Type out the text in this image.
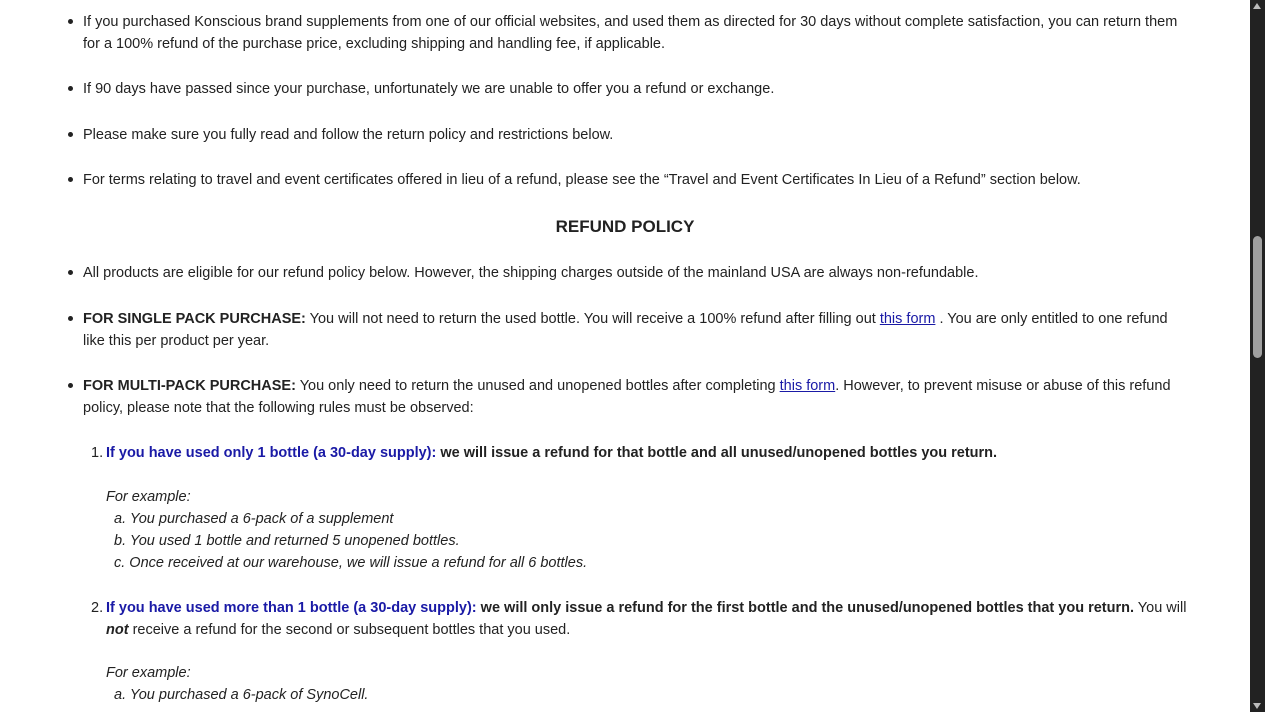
If you purchased Konscious brand supplements from one of our official websites, and used them as directed for 30 days without complete satisfaction, you can return them for a 100% refund of the purchase price, excluding shipping and handling fee, if applicable.

If 90 days have passed since your purchase, unfortunately we are unable to offer you a refund or exchange.

Please make sure you fully read and follow the return policy and restrictions below.

For terms relating to travel and event certificates offered in lieu of a refund, please see the “Travel and Event Certificates In Lieu of a Refund” section below.

REFUND POLICY

All products are eligible for our refund policy below. However, the shipping charges outside of the mainland USA are always non-refundable.

FOR SINGLE PACK PURCHASE: You will not need to return the used bottle. You will receive a 100% refund after filling out this form . You are only entitled to one refund like this per product per year.

FOR MULTI-PACK PURCHASE: You only need to return the unused and unopened bottles after completing this form. However, to prevent misuse or abuse of this refund policy, please note that the following rules must be observed:

1. If you have used only 1 bottle (a 30-day supply): we will issue a refund for that bottle and all unused/unopened bottles you return.

For example:

a. You purchased a 6-pack of a supplement

b. You used 1 bottle and returned 5 unopened bottles.

c. Once received at our warehouse, we will issue a refund for all 6 bottles.

2. If you have used more than 1 bottle (a 30-day supply): we will only issue a refund for the first bottle and the unused/unopened bottles that you return. You will not receive a refund for the second or subsequent bottles that you used.

For example:

a. You purchased a 6-pack of SynoCell.
